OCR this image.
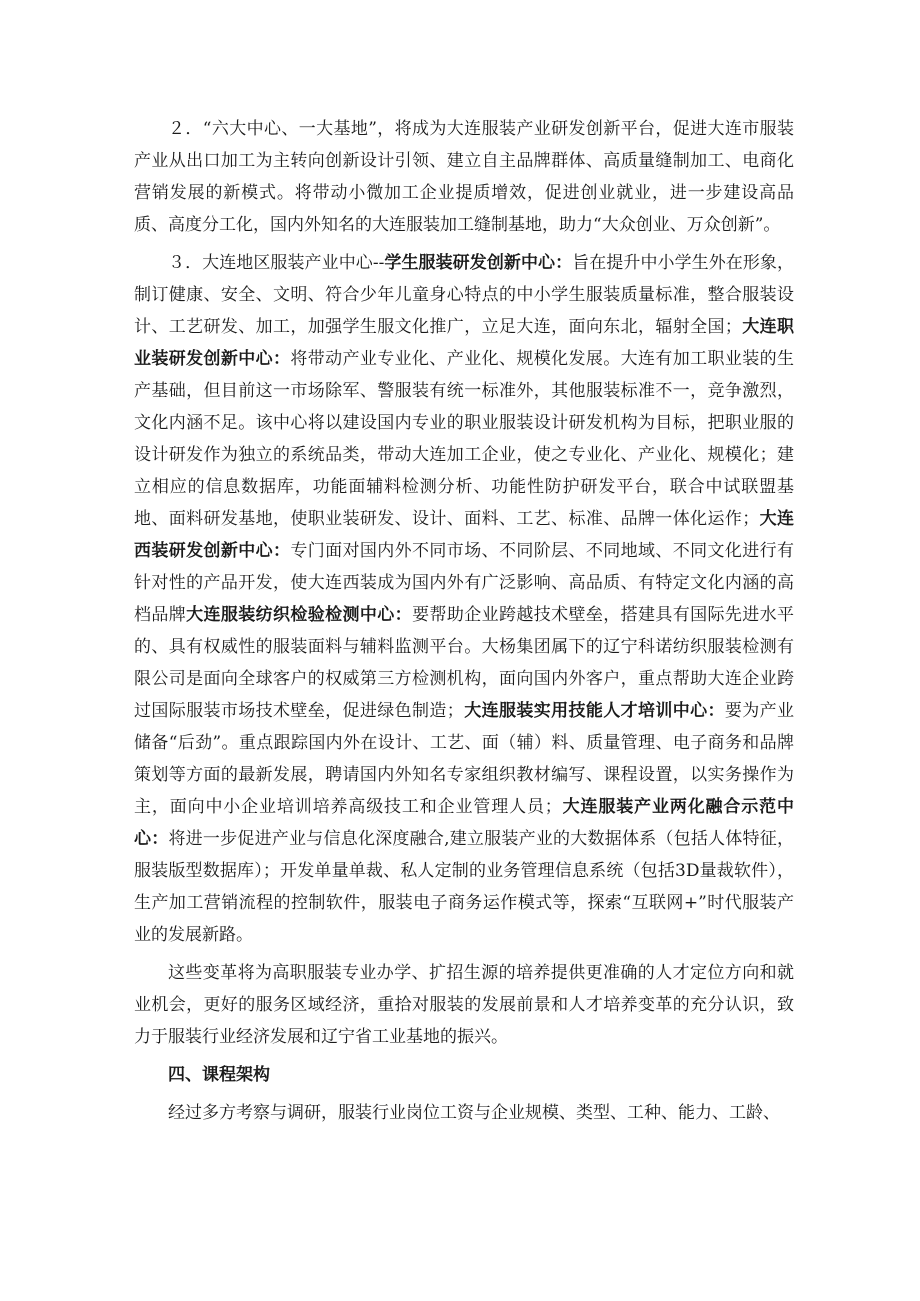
２．“六大中心、一大基地”，将成为大连服装产业研发创新平台，促进大连市服装产业从出口加工为主转向创新设计引领、建立自主品牌群体、高质量缝制加工、电商化营销发展的新模式。将带动小微加工企业提质增效，促进创业就业，进一步建设高品质、高度分工化，国内外知名的大连服装加工缝制基地，助力“大众创业、万众创新”。

３．大连地区服装产业中心--学生服装研发创新中心：旨在提升中小学生外在形象，制订健康、安全、文明、符合少年儿童身心特点的中小学生服装质量标准，整合服装设计、工艺研发、加工，加强学生服文化推广，立足大连，面向东北，辐射全国；大连职业装研发创新中心：将带动产业专业化、产业化、规模化发展。大连有加工职业装的生产基础，但目前这一市场除军、警服装有统一标准外，其他服装标准不一，竞争激烈，文化内涵不足。该中心将以建设国内专业的职业服装设计研发机构为目标，把职业服的设计研发作为独立的系统品类，带动大连加工企业，使之专业化、产业化、规模化；建立相应的信息数据库，功能面辅料检测分析、功能性防护研发平台，联合中试联盟基地、面料研发基地，使职业装研发、设计、面料、工艺、标准、品牌一体化运作；大连西装研发创新中心：专门面对国内外不同市场、不同阶层、不同地域、不同文化进行有针对性的产品开发，使大连西装成为国内外有广泛影响、高品质、有特定文化内涵的高档品牌大连服装纺织检验检测中心：要帮助企业跨越技术壁垒，搭建具有国际先进水平的、具有权威性的服装面料与辅料监测平台。大杨集团属下的辽宁科诺纺织服装检测有限公司是面向全球客户的权威第三方检测机构，面向国内外客户，重点帮助大连企业跨过国际服装市场技术壁垒，促进绿色制造；大连服装实用技能人才培训中心：要为产业储备“后劲”。重点跟踪国内外在设计、工艺、面（辅）料、质量管理、电子商务和品牌策划等方面的最新发展，聘请国内外知名专家组织教材编写、课程设置，以实务操作为主，面向中小企业培训培养高级技工和企业管理人员；大连服装产业两化融合示范中心：将进一步促进产业与信息化深度融合,建立服装产业的大数据体系（包括人体特征，服装版型数据库）；开发单量单裁、私人定制的业务管理信息系统（包括3D量裁软件），生产加工营销流程的控制软件，服装电子商务运作模式等，探索“互联网+”时代服装产业的发展新路。

这些变革将为高职服装专业办学、扩招生源的培养提供更准确的人才定位方向和就业机会，更好的服务区域经济，重拾对服装的发展前景和人才培养变革的充分认识，致力于服装行业经济发展和辽宁省工业基地的振兴。

四、课程架构

经过多方考察与调研，服装行业岗位工资与企业规模、类型、工种、能力、工龄、
